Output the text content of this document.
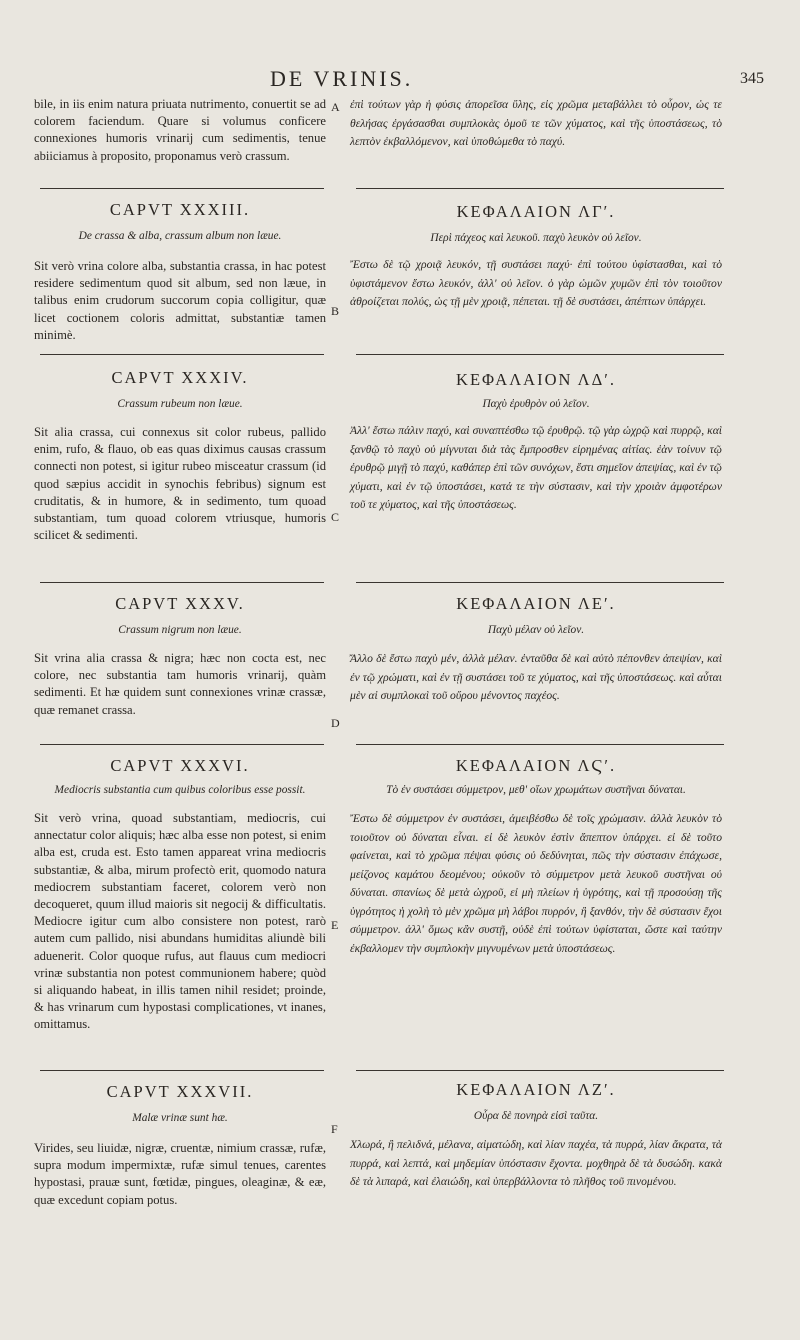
DE VRINIS.	345
bile, in iis enim natura priuata nutrimento, conuertit se ad colorem faciendum. Quare si volumus conficere connexiones humoris vrinarij cum sedimentis, tenue abiiciamus à proposito, proponamus verò crassum.
ἐπὶ τούτων γὰρ ἡ φύσις ἀπορεῖσα ὕλης, εἰς χρῶμα μεταβάλλει τὸ οὖρον, ὡς τε θελήσας ἐργάσασθαι συμπλοκὰς ὁμοῦ τε τῶν χύματος, καὶ τῆς ὑποστάσεως, τὸ λεπτὸν ἐκβαλλόμενον, καὶ ὑποθώμεθα τὸ παχύ.
CAPVT XXXIII.
De crassa & alba, crassum album non læue.
Sit verò vrina colore alba, substantia crassa, in hac potest residere sedimentum quod sit album, sed non læue, in talibus enim crudorum succorum copia colligitur, quæ licet coctionem coloris admittat, substantiæ tamen minimè.
ΚΕΦΑΛΑΙΟΝ ΛΓʹ.
Περὶ πάχεος καὶ λευκοῦ. παχὺ λευκὸν οὐ λεῖον.
Ἔστω δὲ τῷ χροιᾷ λευκόν, τῇ συστάσει παχύ· ἐπὶ τούτου ὑφίστασθαι, καὶ τὸ ὑφιστάμενον ἔστω λευκόν, ἀλλ' οὐ λεῖον. ὁ γὰρ ὠμῶν χυμῶν ἐπὶ τὸν τοιοῦτον ἀθροίζεται πολύς, ὡς τῇ μὲν χροιᾷ, πέπεται. τῇ δὲ συστάσει, ἀπέπτων ὑπάρχει.
CAPVT XXXIV.
Crassum rubeum non læue.
Sit alia crassa, cui connexus sit color rubeus, pallido enim, rufo, & flauo, ob eas quas diximus causas crassum connecti non potest, si igitur rubeo misceatur crassum (id quod sæpius accidit in synochis febribus) signum est cruditatis, & in humore, & in sedimento, tum quoad substantiam, tum quoad colorem vtriusque, humoris scilicet & sedimenti.
ΚΕΦΑΛΑΙΟΝ ΛΔʹ.
Παχὺ ἐρυθρὸν οὐ λεῖον.
Ἀλλ' ἔστω πάλιν παχύ, καὶ συναπτέσθω τῷ ἐρυθρῷ. τῷ γὰρ ὠχρῷ καὶ πυρρῷ, καὶ ξανθῷ τὸ παχὺ οὐ μίγνυται διὰ τὰς ἔμπροσθεν εἰρημένας αἰτίας. ἐὰν τοίνυν τῷ ἐρυθρῷ μιγῇ τὸ παχύ, καθάπερ ἐπὶ τῶν συνόχων, ἔστι σημεῖον ἀπεψίας, καὶ ἐν τῷ χύματι, καὶ ἐν τῷ ὑποστάσει, κατά τε τὴν σύστασιν, καὶ τὴν χροιὰν ἀμφοτέρων τοῦ τε χύματος, καὶ τῆς ὑποστάσεως.
CAPVT XXXV.
Crassum nigrum non læue.
Sit vrina alia crassa & nigra; hæc non cocta est, nec colore, nec substantia tam humoris vrinarij, quàm sedimenti. Et hæ quidem sunt connexiones vrinæ crassæ, quæ remanet crassa.
ΚΕΦΑΛΑΙΟΝ ΛΕʹ.
Παχὺ μέλαν οὐ λεῖον.
Ἄλλο δὲ ἔστω παχὺ μέν, ἀλλὰ μέλαν. ἐνταῦθα δὲ καὶ αὐτὸ πέπονθεν ἀπεψίαν, καὶ ἐν τῷ χρώματι, καὶ ἐν τῇ συστάσει τοῦ τε χύματος, καὶ τῆς ὑποστάσεως. καὶ αὗται μὲν αἱ συμπλοκαὶ τοῦ οὔρου μένοντος παχέος.
CAPVT XXXVI.
Mediocris substantia cum quibus coloribus esse possit.
Sit verò vrina, quoad substantiam, mediocris, cui annectatur color aliquis; hæc alba esse non potest, si enim alba est, cruda est. Esto tamen appareat vrina mediocris substantiæ, & alba, mirum profectò erit, quomodo natura mediocrem substantiam faceret, colorem verò non decoqueret, quum illud maioris sit negocij & difficultatis. Mediocre igitur cum albo consistere non potest, rarò autem cum pallido, nisi abundans humiditas aliundè bili aduenerit. Color quoque rufus, aut flauus cum mediocri vrinæ substantia non potest communionem habere; quòd si aliquando habeat, in illis tamen nihil residet; proinde, & has vrinarum cum hypostasi complicationes, vt inanes, omittamus.
ΚΕΦΑΛΑΙΟΝ ΛϚʹ.
Τὸ ἐν συστάσει σύμμετρον, μεθ' οἵων χρωμάτων συστῆναι δύναται.
Ἔστω δὲ σύμμετρον ἐν συστάσει, ἀμειβέσθω δὲ τοῖς χρώμασιν. ἀλλὰ λευκὸν τὸ τοιοῦτον οὐ δύναται εἶναι. εἰ δὲ λευκὸν ἐστὶν ἄπεπτον ὑπάρχει. εἰ δὲ τοῦτο φαίνεται, καὶ τὸ χρῶμα πέψαι φύσις οὐ δεδύνηται, πῶς τὴν σύστασιν ἐπάχωσε, μείζονος καμάτου δεομένου; οὐκοῦν τὸ σύμμετρον μετὰ λευκοῦ συστῆναι οὐ δύναται. σπανίως δὲ μετὰ ὠχροῦ, εἰ μὴ πλείων ἡ ὑγρότης, καὶ τῇ προσούσῃ τῆς ὑγρότητος ἡ χολὴ τὸ μὲν χρῶμα μὴ λάβοι πυρρόν, ἢ ξανθόν, τὴν δὲ σύστασιν ἔχοι σύμμετρον. ἀλλ' ὅμως κἂν συστῇ, οὐδὲ ἐπὶ τούτων ὑφίσταται, ὥστε καὶ ταύτην ἐκβαλλομεν τὴν συμπλοκὴν μιγνυμένων μετὰ ὑποστάσεως.
CAPVT XXXVII.
Malæ vrinæ sunt hæ.
Virides, seu liuidæ, nigræ, cruentæ, nimium crassæ, rufæ, supra modum impermixtæ, rufæ simul tenues, carentes hypostasi, prauæ sunt, fœtidæ, pingues, oleaginæ, & eæ, quæ excedunt copiam potus.
ΚΕΦΑΛΑΙΟΝ ΛΖʹ.
Οὖρα δὲ πονηρὰ εἰσὶ ταῦτα.
Χλωρά, ἢ πελιδνά, μέλανα, αἱματώδη, καὶ λίαν παχέα, τὰ πυρρά, λίαν ἄκρατα, τὰ πυρρά, καὶ λεπτά, καὶ μηδεμίαν ὑπόστασιν ἔχοντα. μοχθηρὰ δὲ τὰ δυσώδη. κακὰ δὲ τὰ λιπαρά, καὶ ἐλαιώδη, καὶ ὑπερβάλλοντα τὸ πλῆθος τοῦ πινομένου.
A
B
C
D
E
F
